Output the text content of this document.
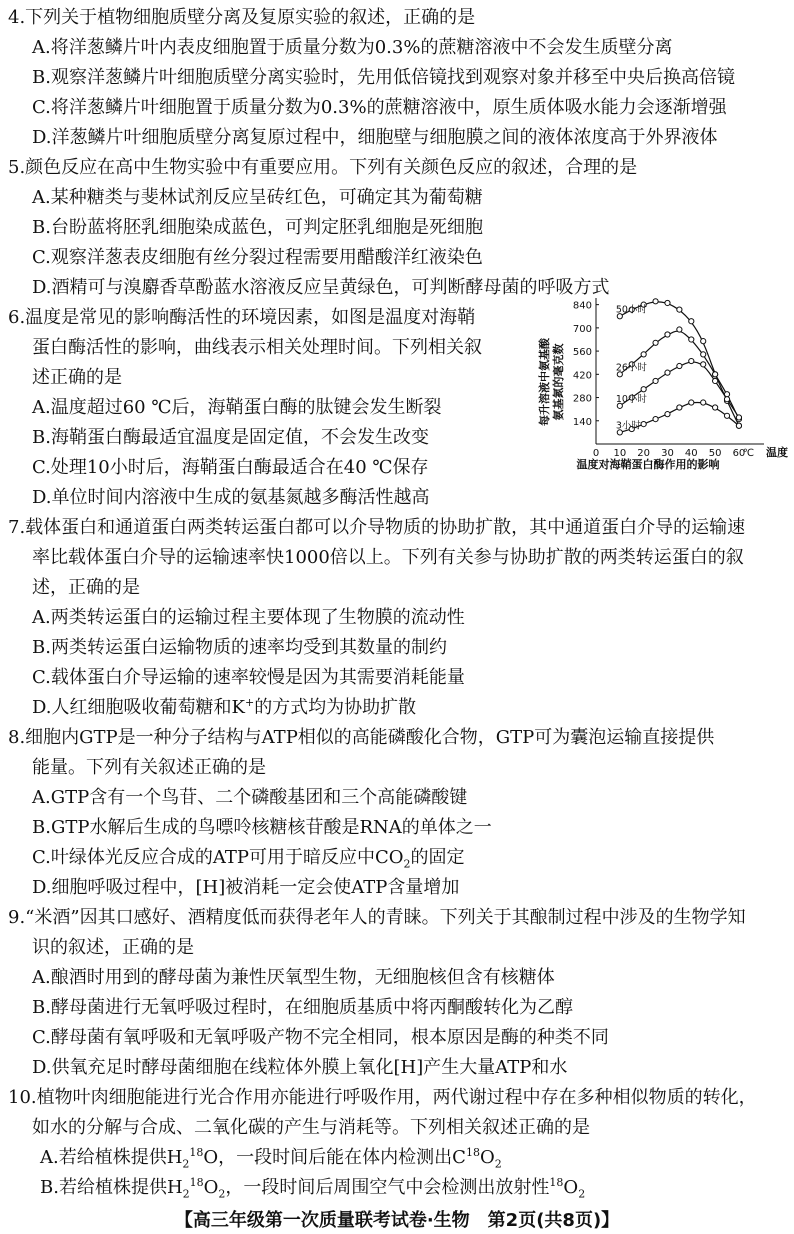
4.下列关于植物细胞质壁分离及复原实验的叙述，正确的是
A.将洋葱鳞片叶内表皮细胞置于质量分数为0.3%的蔗糖溶液中不会发生质壁分离
B.观察洋葱鳞片叶细胞质壁分离实验时，先用低倍镜找到观察对象并移至中央后换高倍镜
C.将洋葱鳞片叶细胞置于质量分数为0.3%的蔗糖溶液中，原生质体吸水能力会逐渐增强
D.洋葱鳞片叶细胞质壁分离复原过程中，细胞壁与细胞膜之间的液体浓度高于外界液体
5.颜色反应在高中生物实验中有重要应用。下列有关颜色反应的叙述，合理的是
A.某种糖类与斐林试剂反应呈砖红色，可确定其为葡萄糖
B.台盼蓝将胚乳细胞染成蓝色，可判定胚乳细胞是死细胞
C.观察洋葱表皮细胞有丝分裂过程需要用醋酸洋红液染色
D.酒精可与溴麝香草酚蓝水溶液反应呈黄绿色，可判断酵母菌的呼吸方式
6.温度是常见的影响酶活性的环境因素，如图是温度对海鞘
蛋白酶活性的影响，曲线表示相关处理时间。下列相关叙
述正确的是
A.温度超过60 ℃后，海鞘蛋白酶的肽键会发生断裂
B.海鞘蛋白酶最适宜温度是固定值，不会发生改变
C.处理10小时后，海鞘蛋白酶最适合在40 ℃保存
D.单位时间内溶液中生成的氨基氮越多酶活性越高
每升溶液中氨基酸 氨基氮的毫克数
140
280
420
560
700
840
0 10 20 30 40 50 60
℃ 温度
50小时
26小时
10小时
3小时
温度对海鞘蛋白酶作用的影响
7.载体蛋白和通道蛋白两类转运蛋白都可以介导物质的协助扩散，其中通道蛋白介导的运输速
率比载体蛋白介导的运输速率快1000倍以上。下列有关参与协助扩散的两类转运蛋白的叙
述，正确的是
A.两类转运蛋白的运输过程主要体现了生物膜的流动性
B.两类转运蛋白运输物质的速率均受到其数量的制约
C.载体蛋白介导运输的速率较慢是因为其需要消耗能量
D.人红细胞吸收葡萄糖和K+的方式均为协助扩散
8.细胞内GTP是一种分子结构与ATP相似的高能磷酸化合物，GTP可为囊泡运输直接提供
能量。下列有关叙述正确的是
A.GTP含有一个鸟苷、二个磷酸基团和三个高能磷酸键
B.GTP水解后生成的鸟嘌呤核糖核苷酸是RNA的单体之一
C.叶绿体光反应合成的ATP可用于暗反应中$CO_2$的固定
D.细胞呼吸过程中，[H]被消耗一定会使ATP含量增加
9.“米酒”因其口感好、酒精度低而获得老年人的青睐。下列关于其酿制过程中涉及的生物学知
识的叙述，正确的是
A.酿酒时用到的酵母菌为兼性厌氧型生物，无细胞核但含有核糖体
B.酵母菌进行无氧呼吸过程时，在细胞质基质中将丙酮酸转化为乙醇
C.酵母菌有氧呼吸和无氧呼吸产物不完全相同，根本原因是酶的种类不同
D.供氧充足时酵母菌细胞在线粒体外膜上氧化[H]产生大量ATP和水
10.植物叶肉细胞能进行光合作用亦能进行呼吸作用，两代谢过程中存在多种相似物质的转化，
如水的分解与合成、二氧化碳的产生与消耗等。下列相关叙述正确的是
【高三年级第一次质量联考试卷·生物　第2页(共8页)】
A.若给植株提供$H_2^{18}O$，一段时间后能在体内检测出$C^{18}O_2$
B.若给植株提供$H_2^{18}O_2$，一段时间后周围空气中会检测出放射性$^{18}O_2$
